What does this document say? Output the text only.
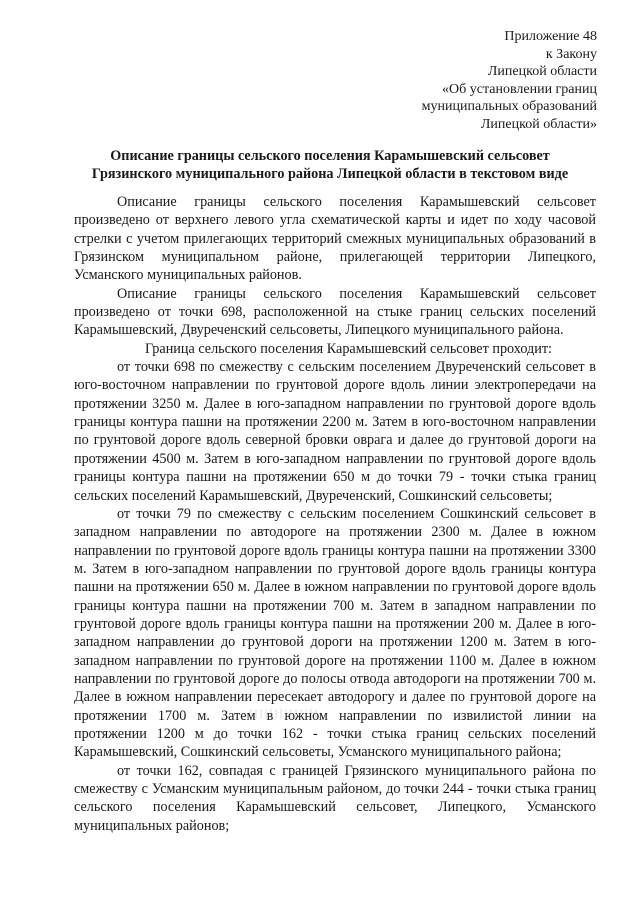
Приложение 48
к Закону
Липецкой области
«Об установлении границ
муниципальных образований
Липецкой области»
Описание границы сельского поселения Карамышевский сельсовет
Грязинского муниципального района Липецкой области в текстовом виде

Описание границы сельского поселения Карамышевский сельсовет произведено от верхнего левого угла схематической карты и идет по ходу часовой стрелки с учетом прилегающих территорий смежных муниципальных образований в Грязинском муниципальном районе, прилегающей территории Липецкого, Усманского муниципальных районов.

Описание границы сельского поселения Карамышевский сельсовет произведено от точки 698, расположенной на стыке границ сельских поселений Карамышевский, Двуреченский сельсоветы, Липецкого муниципального района.

Граница сельского поселения Карамышевский сельсовет проходит:

от точки 698 по смежеству с сельским поселением Двуреченский сельсовет в юго-восточном направлении по грунтовой дороге вдоль линии электропередачи на протяжении 3250 м. Далее в юго-западном направлении по грунтовой дороге вдоль границы контура пашни на протяжении 2200 м. Затем в юго-восточном направлении по грунтовой дороге вдоль северной бровки оврага и далее до грунтовой дороги на протяжении 4500 м. Затем в юго-западном направлении по грунтовой дороге вдоль границы контура пашни на протяжении 650 м до точки 79 - точки стыка границ сельских поселений Карамышевский, Двуреченский, Сошкинский сельсоветы;

от точки 79 по смежеству с сельским поселением Сошкинский сельсовет в западном направлении по автодороге на протяжении 2300 м. Далее в южном направлении по грунтовой дороге вдоль границы контура пашни на протяжении 3300 м. Затем в юго-западном направлении по грунтовой дороге вдоль границы контура пашни на протяжении 650 м. Далее в южном направлении по грунтовой дороге вдоль границы контура пашни на протяжении 700 м. Затем в западном направлении по грунтовой дороге вдоль границы контура пашни на протяжении 200 м. Далее в юго-западном направлении до грунтовой дороги на протяжении 1200 м. Затем в юго-западном направлении по грунтовой дороге на протяжении 1100 м. Далее в южном направлении по грунтовой дороге до полосы отвода автодороги на протяжении 700 м. Далее в южном направлении пересекает автодорогу и далее по грунтовой дороге на протяжении 1700 м. Затем в южном направлении по извилистой линии на протяжении 1200 м до точки 162 - точки стыка границ сельских поселений Карамышевский, Сошкинский сельсоветы, Усманского муниципального района;

от точки 162, совпадая с границей Грязинского муниципального района по смежеству с Усманским муниципальным районом, до точки 244 - точки стыка границ сельского поселения Карамышевский сельсовет, Липецкого, Усманского муниципальных районов;
